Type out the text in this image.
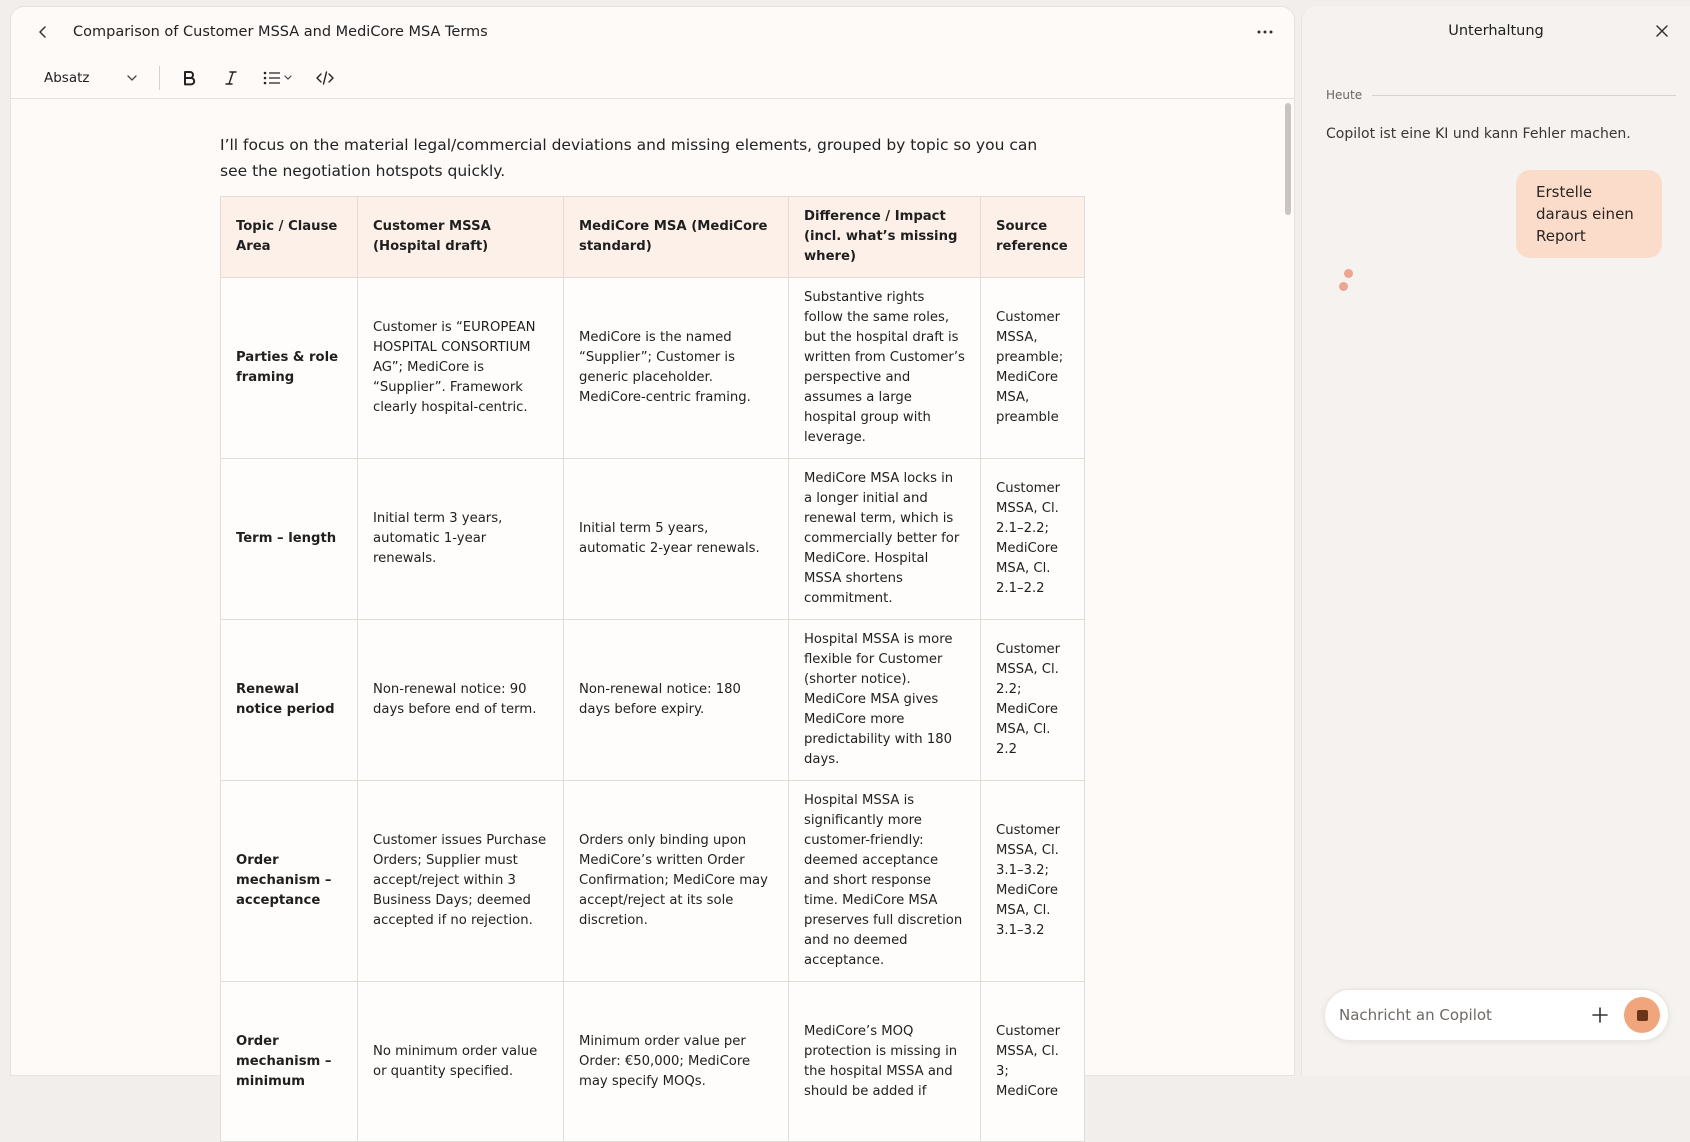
Comparison of Customer MSSA and MediCore MSA Terms
Absatz

I’ll focus on the material legal/commercial deviations and missing elements, grouped by topic so you can see the negotiation hotspots quickly.

Topic / Clause Area	Customer MSSA (Hospital draft)	MediCore MSA (MediCore standard)	Difference / Impact (incl. what’s missing where)	Source reference
Parties & role framing	Customer is “EUROPEAN HOSPITAL CONSORTIUM AG”; MediCore is “Supplier”. Framework clearly hospital-centric.	MediCore is the named “Supplier”; Customer is generic placeholder. MediCore-centric framing.	Substantive rights follow the same roles, but the hospital draft is written from Customer’s perspective and assumes a large hospital group with leverage.	Customer MSSA, preamble; MediCore MSA, preamble
Term – length	Initial term 3 years, automatic 1-year renewals.	Initial term 5 years, automatic 2-year renewals.	MediCore MSA locks in a longer initial and renewal term, which is commercially better for MediCore. Hospital MSSA shortens commitment.	Customer MSSA, Cl. 2.1–2.2; MediCore MSA, Cl. 2.1–2.2
Renewal notice period	Non-renewal notice: 90 days before end of term.	Non-renewal notice: 180 days before expiry.	Hospital MSSA is more flexible for Customer (shorter notice). MediCore MSA gives MediCore more predictability with 180 days.	Customer MSSA, Cl. 2.2; MediCore MSA, Cl. 2.2
Order mechanism – acceptance	Customer issues Purchase Orders; Supplier must accept/reject within 3 Business Days; deemed accepted if no rejection.	Orders only binding upon MediCore’s written Order Confirmation; MediCore may accept/reject at its sole discretion.	Hospital MSSA is significantly more customer-friendly: deemed acceptance and short response time. MediCore MSA preserves full discretion and no deemed acceptance.	Customer MSSA, Cl. 3.1–3.2; MediCore MSA, Cl. 3.1–3.2
Order mechanism – minimum	No minimum order value or quantity specified.	Minimum order value per Order: €50,000; MediCore may specify MOQs.	MediCore’s MOQ protection is missing in the hospital MSSA and should be added if	Customer MSSA, Cl. 3; MediCore
Unterhaltung
Heute
Copilot ist eine KI und kann Fehler machen.
Erstelle daraus einen Report
Nachricht an Copilot
